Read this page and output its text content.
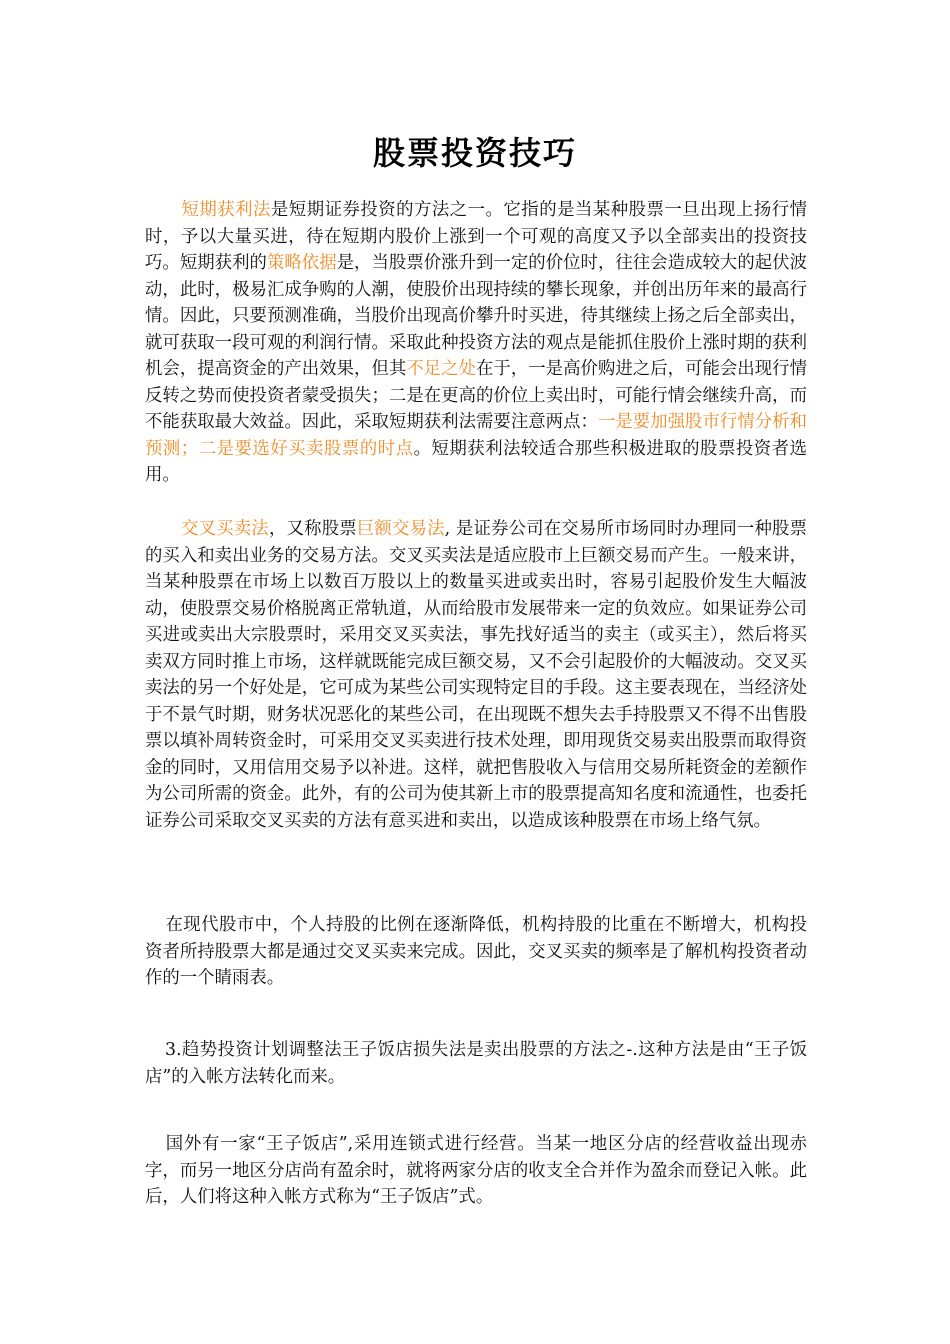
股票投资技巧

短期获利法是短期证券投资的方法之一。它指的是当某种股票一旦出现上扬行情时，予以大量买进，待在短期内股价上涨到一个可观的高度又予以全部卖出的投资技巧。短期获利的策略依据是，当股票价涨升到一定的价位时，往往会造成较大的起伏波动，此时，极易汇成争购的人潮，使股价出现持续的攀长现象，并创出历年来的最高行情。因此，只要预测准确，当股价出现高价攀升时买进，待其继续上扬之后全部卖出，就可获取一段可观的利润行情。采取此种投资方法的观点是能抓住股价上涨时期的获利机会，提高资金的产出效果，但其不足之处在于，一是高价购进之后，可能会出现行情反转之势而使投资者蒙受损失；二是在更高的价位上卖出时，可能行情会继续升高，而不能获取最大效益。因此，采取短期获利法需要注意两点：一是要加强股市行情分析和预测；二是要选好买卖股票的时点。短期获利法较适合那些积极进取的股票投资者选用。

交叉买卖法，又称股票巨额交易法, 是证券公司在交易所市场同时办理同一种股票的买入和卖出业务的交易方法。交叉买卖法是适应股市上巨额交易而产生。一般来讲，当某种股票在市场上以数百万股以上的数量买进或卖出时，容易引起股价发生大幅波动，使股票交易价格脱离正常轨道，从而给股市发展带来一定的负效应。如果证券公司买进或卖出大宗股票时，采用交叉买卖法，事先找好适当的卖主（或买主），然后将买卖双方同时推上市场，这样就既能完成巨额交易，又不会引起股价的大幅波动。交叉买卖法的另一个好处是，它可成为某些公司实现特定目的手段。这主要表现在，当经济处于不景气时期，财务状况恶化的某些公司，在出现既不想失去手持股票又不得不出售股票以填补周转资金时，可采用交叉买卖进行技术处理，即用现货交易卖出股票而取得资金的同时，又用信用交易予以补进。这样，就把售股收入与信用交易所耗资金的差额作为公司所需的资金。此外，有的公司为使其新上市的股票提高知名度和流通性，也委托证券公司采取交叉买卖的方法有意买进和卖出，以造成该种股票在市场上络气氛。

在现代股市中，个人持股的比例在逐渐降低，机构持股的比重在不断增大，机构投资者所持股票大都是通过交叉买卖来完成。因此，交叉买卖的频率是了解机构投资者动作的一个睛雨表。

3.趋势投资计划调整法王子饭店损失法是卖出股票的方法之-.这种方法是由“王子饭店”的入帐方法转化而来。

国外有一家“王子饭店”,采用连锁式进行经营。当某一地区分店的经营收益出现赤字，而另一地区分店尚有盈余时，就将两家分店的收支全合并作为盈余而登记入帐。此后，人们将这种入帐方式称为“王子饭店”式。
